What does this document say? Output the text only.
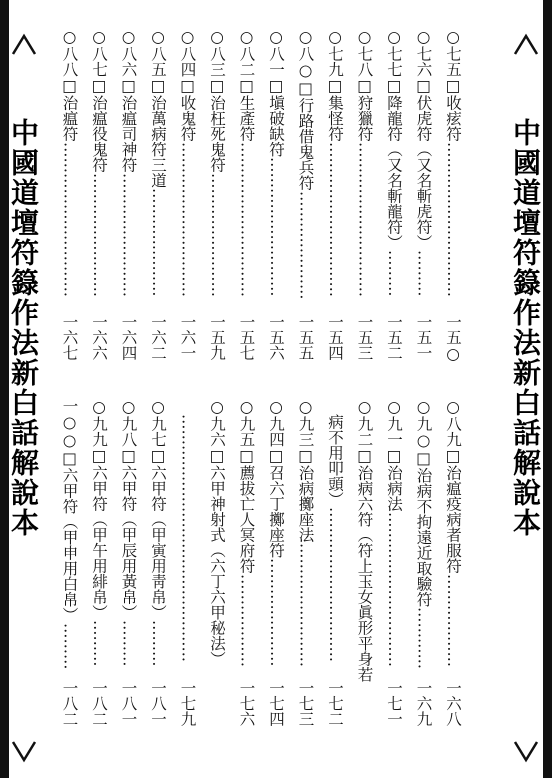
中國道壇符籙作法新白話解說本	中國道壇符籙作法新白話解說本
○七五□收痃符…………………………
一五○
○七六□伏虎符（又名斬虎符）………
一五一
○七七□降龍符（又名斬龍符）………
一五二
○七八□狩獵符…………………………
一五三
○七九□集怪符…………………………
一五四
○八○□行路借鬼兵符…………………
一五五
○八一□塡破缺符………………………
一五六
○八二□生產符…………………………
一五七
○八三□治枉死鬼符……………………
一五九
○八四□收鬼符…………………………
一六一
○八五□治萬病符三道…………………
一六二
○八六□治瘟司神符……………………
一六四
○八七□治瘟役鬼符……………………
一六六
○八八□治瘟符…………………………
一六七
○八九□治瘟疫病者服符………………
一六八
○九○□治病不拘遠近取驗符…………
一六九
○九一□治病法…………………………
一七一
○九二□治病六符（符上玉女眞形平身若
病不用叩頭）…………………………
一七二
○九三□治病擲座法……………………
一七三
○九四□召六丁擲座符…………………
一七四
○九五□薦拔亡人冥府符………………
一七六
○九六□六甲神射式（六丁六甲秘法）
…………………………………………
一七九
○九七□六甲符（甲寅用靑帛）………
一八一
○九八□六甲符（甲辰用黃帛）………
一八一
○九九□六甲符（甲午用緋帛）………
一八二
一○○□六甲符（甲申用白帛）………
一八二
